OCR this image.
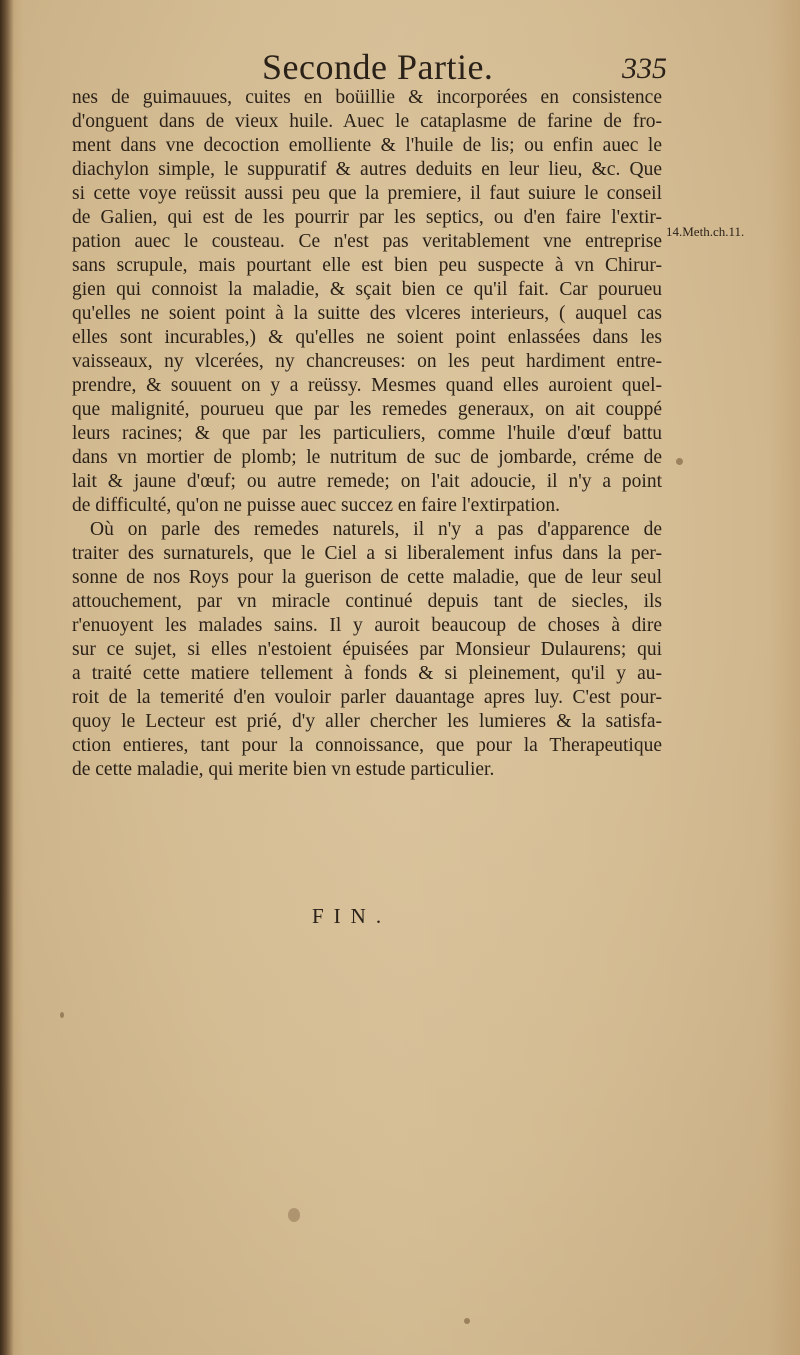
Seconde Partie.	335
14.Meth.ch.11.
nes de guimauues, cuites en boüillie & incorporées en consistence
d'onguent dans de vieux huile. Auec le cataplasme de farine de fro-
ment dans vne decoction emolliente & l'huile de lis; ou enfin auec le
diachylon simple, le suppuratif & autres deduits en leur lieu, &c. Que
si cette voye reüssit aussi peu que la premiere, il faut suiure le conseil
de Galien, qui est de les pourrir par les septics, ou d'en faire l'extir-
pation auec le cousteau. Ce n'est pas veritablement vne entreprise
sans scrupule, mais pourtant elle est bien peu suspecte à vn Chirur-
gien qui connoist la maladie, & sçait bien ce qu'il fait. Car pourueu
qu'elles ne soient point à la suitte des vlceres interieurs, ( auquel cas
elles sont incurables,) & qu'elles ne soient point enlassées dans les
vaisseaux, ny vlcerées, ny chancreuses: on les peut hardiment entre-
prendre, & souuent on y a reüssy. Mesmes quand elles auroient quel-
que malignité, pourueu que par les remedes generaux, on ait couppé
leurs racines; & que par les particuliers, comme l'huile d'œuf battu
dans vn mortier de plomb; le nutritum de suc de jombarde, créme de
lait & jaune d'œuf; ou autre remede; on l'ait adoucie, il n'y a point
de difficulté, qu'on ne puisse auec succez en faire l'extirpation.
Où on parle des remedes naturels, il n'y a pas d'apparence de
traiter des surnaturels, que le Ciel a si liberalement infus dans la per-
sonne de nos Roys pour la guerison de cette maladie, que de leur seul
attouchement, par vn miracle continué depuis tant de siecles, ils
r'enuoyent les malades sains. Il y auroit beaucoup de choses à dire
sur ce sujet, si elles n'estoient épuisées par Monsieur Dulaurens; qui
a traité cette matiere tellement à fonds & si pleinement, qu'il y au-
roit de la temerité d'en vouloir parler dauantage apres luy. C'est pour-
quoy le Lecteur est prié, d'y aller chercher les lumieres & la satisfa-
ction entieres, tant pour la connoissance, que pour la Therapeutique
de cette maladie, qui merite bien vn estude particulier.
FIN.
